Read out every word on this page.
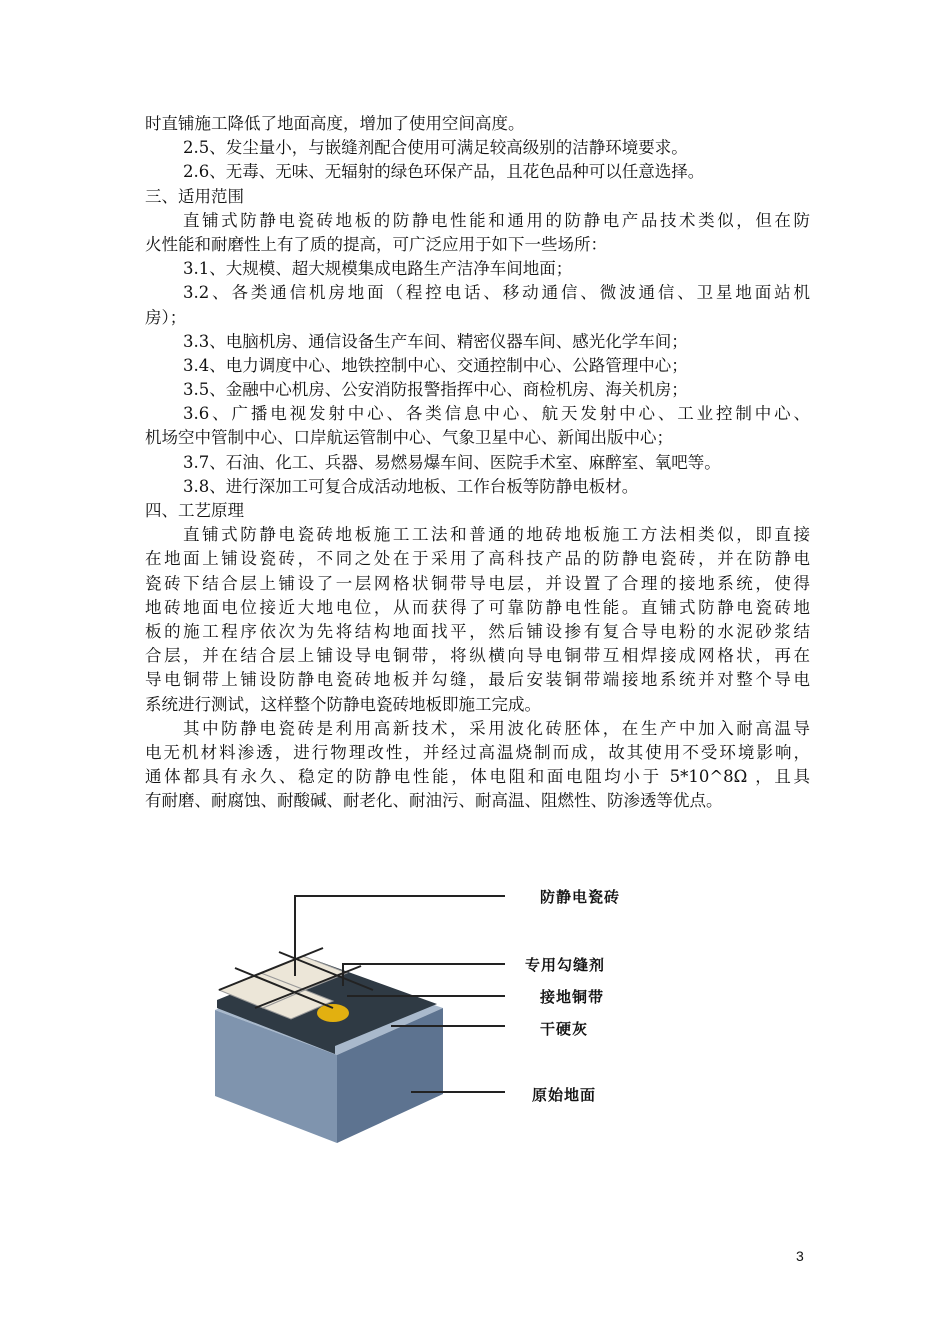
时直铺施工降低了地面高度，增加了使用空间高度。
2.5、发尘量小，与嵌缝剂配合使用可满足较高级别的洁静环境要求。
2.6、无毒、无味、无辐射的绿色环保产品，且花色品种可以任意选择。
三、适用范围
直铺式防静电瓷砖地板的防静电性能和通用的防静电产品技术类似，但在防
火性能和耐磨性上有了质的提高，可广泛应用于如下一些场所：
3.1、大规模、超大规模集成电路生产洁净车间地面；
3.2、各类通信机房地面（程控电话、移动通信、微波通信、卫星地面站机
房）；
3.3、电脑机房、通信设备生产车间、精密仪器车间、感光化学车间；
3.4、电力调度中心、地铁控制中心、交通控制中心、公路管理中心；
3.5、金融中心机房、公安消防报警指挥中心、商检机房、海关机房；
3.6、广播电视发射中心、各类信息中心、航天发射中心、工业控制中心、
机场空中管制中心、口岸航运管制中心、气象卫星中心、新闻出版中心；
3.7、石油、化工、兵器、易燃易爆车间、医院手术室、麻醉室、氧吧等。
3.8、进行深加工可复合成活动地板、工作台板等防静电板材。
四、工艺原理
直铺式防静电瓷砖地板施工工法和普通的地砖地板施工方法相类似，即直接
在地面上铺设瓷砖，不同之处在于采用了高科技产品的防静电瓷砖，并在防静电
瓷砖下结合层上铺设了一层网格状铜带导电层，并设置了合理的接地系统，使得
地砖地面电位接近大地电位，从而获得了可靠防静电性能。直铺式防静电瓷砖地
板的施工程序依次为先将结构地面找平，然后铺设掺有复合导电粉的水泥砂浆结
合层，并在结合层上铺设导电铜带，将纵横向导电铜带互相焊接成网格状，再在
导电铜带上铺设防静电瓷砖地板并勾缝，最后安装铜带端接地系统并对整个导电
系统进行测试，这样整个防静电瓷砖地板即施工完成。
其中防静电瓷砖是利用高新技术，采用波化砖胚体，在生产中加入耐高温导
电无机材料渗透，进行物理改性，并经过高温烧制而成，故其使用不受环境影响，
通体都具有永久、稳定的防静电性能，体电阻和面电阻均小于 5*10^8Ω ，且具
有耐磨、耐腐蚀、耐酸碱、耐老化、耐油污、耐高温、阻燃性、防渗透等优点。
防静电瓷砖
专用勾缝剂
接地铜带
干硬灰
原始地面
3
